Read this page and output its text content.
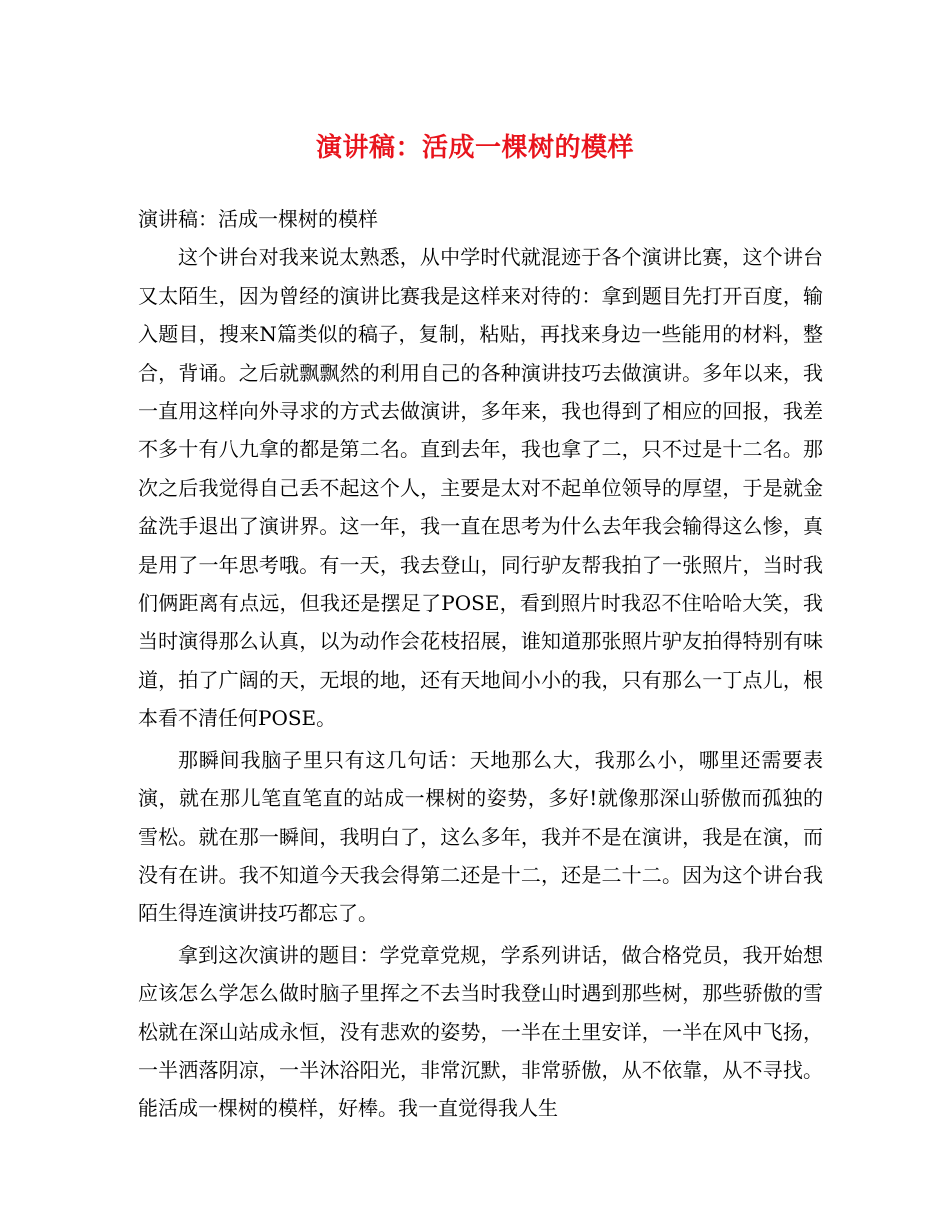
演讲稿：活成一棵树的模样

演讲稿：活成一棵树的模样

这个讲台对我来说太熟悉，从中学时代就混迹于各个演讲比赛，这个讲台又太陌生，因为曾经的演讲比赛我是这样来对待的：拿到题目先打开百度，输入题目，搜来N篇类似的稿子，复制，粘贴，再找来身边一些能用的材料，整合，背诵。之后就飘飘然的利用自己的各种演讲技巧去做演讲。多年以来，我一直用这样向外寻求的方式去做演讲，多年来，我也得到了相应的回报，我差不多十有八九拿的都是第二名。直到去年，我也拿了二，只不过是十二名。那次之后我觉得自己丢不起这个人，主要是太对不起单位领导的厚望，于是就金盆洗手退出了演讲界。这一年，我一直在思考为什么去年我会输得这么惨，真是用了一年思考哦。有一天，我去登山，同行驴友帮我拍了一张照片，当时我们俩距离有点远，但我还是摆足了POSE，看到照片时我忍不住哈哈大笑，我当时演得那么认真，以为动作会花枝招展，谁知道那张照片驴友拍得特别有味道，拍了广阔的天，无垠的地，还有天地间小小的我，只有那么一丁点儿，根本看不清任何POSE。

那瞬间我脑子里只有这几句话：天地那么大，我那么小，哪里还需要表演，就在那儿笔直笔直的站成一棵树的姿势，多好!就像那深山骄傲而孤独的雪松。就在那一瞬间，我明白了，这么多年，我并不是在演讲，我是在演，而没有在讲。我不知道今天我会得第二还是十二，还是二十二。因为这个讲台我陌生得连演讲技巧都忘了。

拿到这次演讲的题目：学党章党规，学系列讲话，做合格党员，我开始想应该怎么学怎么做时脑子里挥之不去当时我登山时遇到那些树，那些骄傲的雪松就在深山站成永恒，没有悲欢的姿势，一半在土里安详，一半在风中飞扬，一半洒落阴凉，一半沐浴阳光，非常沉默，非常骄傲，从不依靠，从不寻找。能活成一棵树的模样，好棒。我一直觉得我人生
